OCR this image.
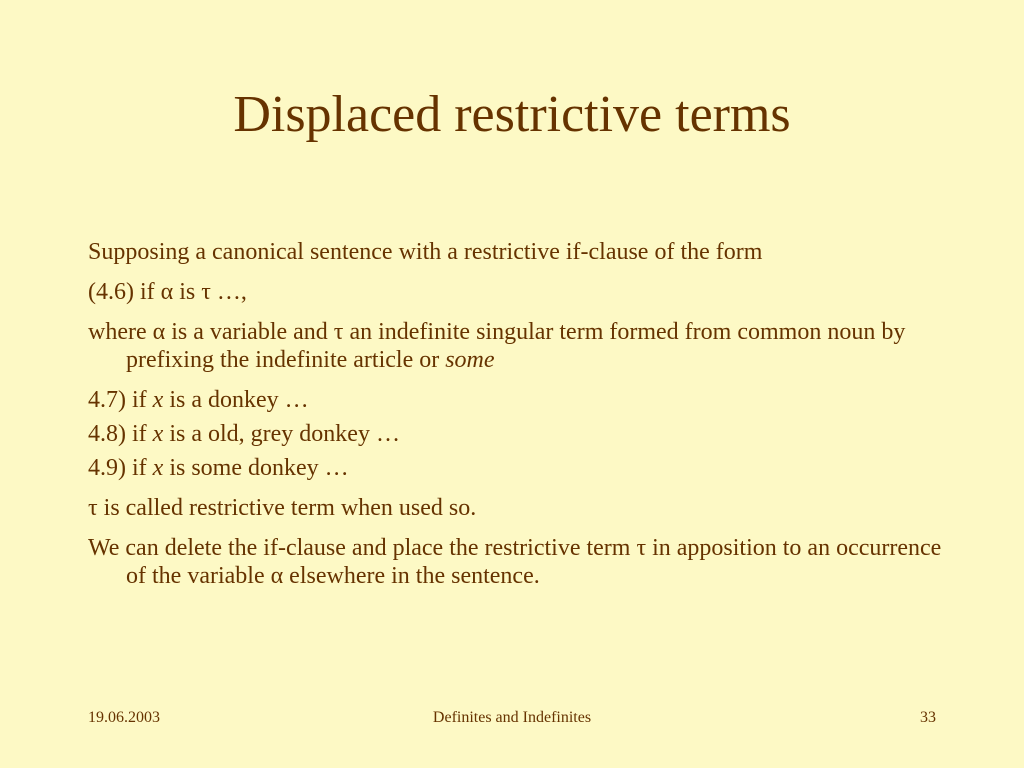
Displaced restrictive terms

Supposing a canonical sentence with a restrictive if-clause of the form

(4.6) if α is τ …,

where α is a variable and τ an indefinite singular term formed from common noun by prefixing the indefinite article or some

4.7) if x is a donkey …

4.8) if x is a old, grey donkey …

4.9) if x is some donkey …

τ is called restrictive term when used so.

We can delete the if-clause and place the restrictive term τ in apposition to an occurrence of the variable α elsewhere in the sentence.

19.06.2003	Definites and Indefinites	33
